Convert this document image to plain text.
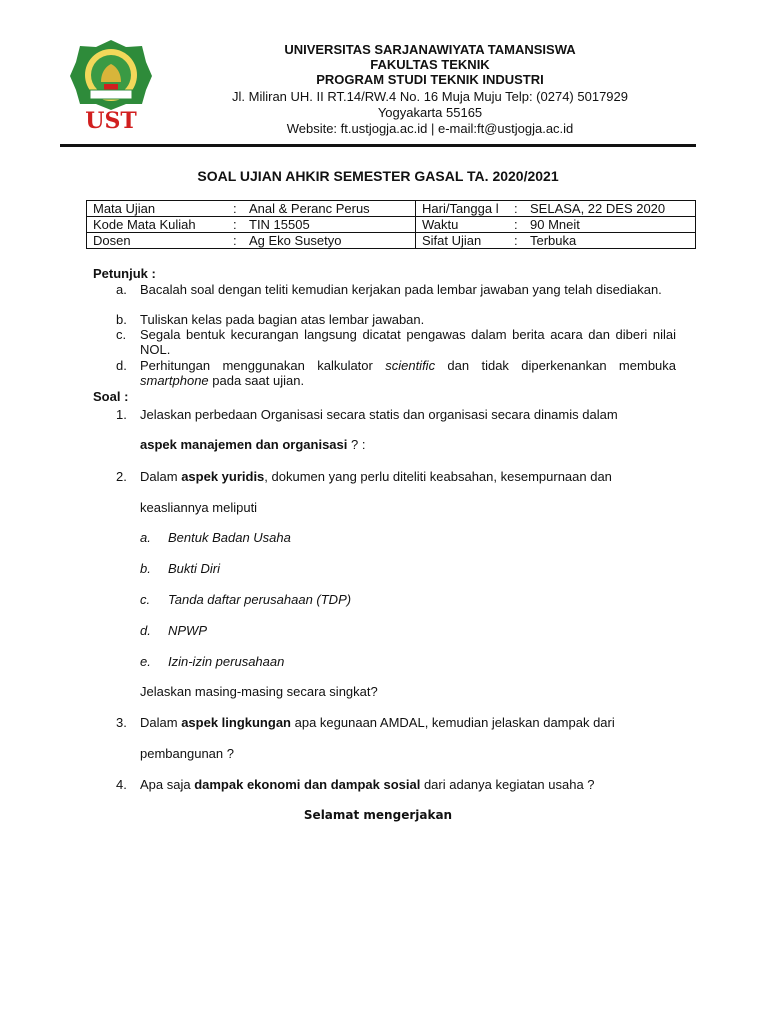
UST
UNIVERSITAS SARJANAWIYATA TAMANSISWA
FAKULTAS TEKNIK
PROGRAM STUDI TEKNIK INDUSTRI
Jl. Miliran UH. II RT.14/RW.4 No. 16 Muja Muju Telp: (0274) 5017929
Yogyakarta 55165
Website: ft.ustjogja.ac.id | e-mail:ft@ustjogja.ac.id
SOAL UJIAN AHKIR SEMESTER GASAL TA. 2020/2021
Mata Ujian : Anal & Peranc Perus	Hari/Tangga l : SELASA, 22 DES 2020

Kode Mata Kuliah : TIN 15505	Waktu : 90 Mneit

Dosen : Ag Eko Susetyo	Sifat Ujian : Terbuka
Petunjuk :
a.	Bacalah soal dengan teliti kemudian kerjakan pada lembar jawaban yang telah disediakan.
b.	Tuliskan kelas pada bagian atas lembar jawaban.
c.	Segala bentuk kecurangan langsung dicatat pengawas dalam berita acara dan diberi nilai NOL.
d.	Perhitungan menggunakan kalkulator scientific dan tidak diperkenankan membuka smartphone pada saat ujian.
Soal :
1.	Jelaskan perbedaan Organisasi secara statis dan organisasi secara dinamis dalam
aspek manajemen dan organisasi ? :
2.	Dalam aspek yuridis, dokumen yang perlu diteliti keabsahan, kesempurnaan dan
keasliannya meliputi
a.	Bentuk Badan Usaha
b.	Bukti Diri
c.	Tanda daftar perusahaan (TDP)
d.	NPWP
e.	Izin-izin perusahaan
Jelaskan masing-masing secara singkat?
3.	Dalam aspek lingkungan apa kegunaan AMDAL, kemudian jelaskan dampak dari
pembangunan ?
4.	Apa saja dampak ekonomi dan dampak sosial dari adanya kegiatan usaha ?
Selamat mengerjakan
